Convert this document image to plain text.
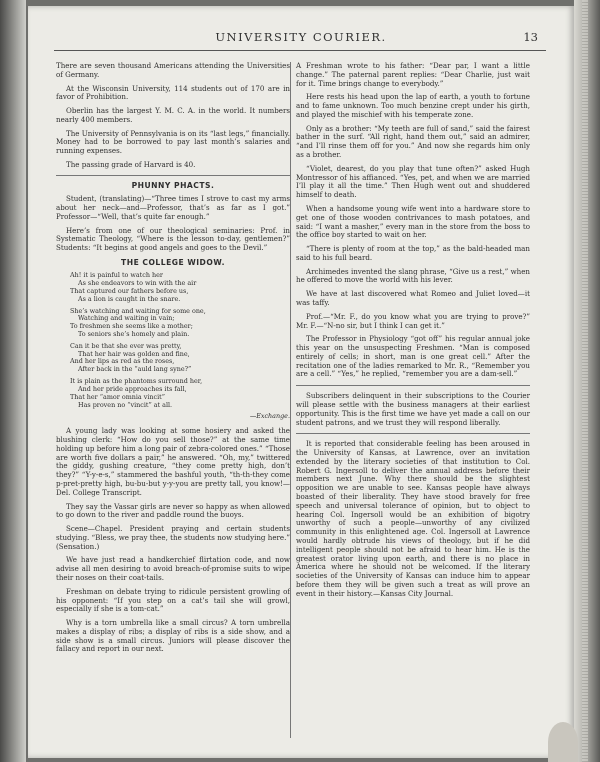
UNIVERSITY COURIER.	13

There are seven thousand Americans attending the Universities of Germany.

At the Wisconsin University, 114 students out of 170 are in favor of Prohibition.

Oberlin has the largest Y. M. C. A. in the world. It numbers nearly 400 members.

The University of Pennsylvania is on its “last legs,” financially. Money had to be borrowed to pay last month’s salaries and running expenses.

The passing grade of Harvard is 40.

PHUNNY PHACTS.

Student, (translating)—“Three times I strove to cast my arms about her neck—and—Professor, that’s as far as I got.” Professor—“Well, that’s quite far enough.”

Here’s from one of our theological seminaries: Prof. in Systematic Theology, “Where is the lesson to-day, gentlemen?” Students: “It begins at good angels and goes to the Devil.”

THE COLLEGE WIDOW.
Ah! it is painful to watch her
As she endeavors to win with the air
That captured our fathers before us,
As a lion is caught in the snare.
She’s watching and waiting for some one,
Watching and waiting in vain;
To freshmen she seems like a mother;
To seniors she’s homely and plain.
Can it be that she ever was pretty,
That her hair was golden and fine,
And her lips as red as the roses,
After back in the “auld lang syne?”
It is plain as the phantoms surround her,
And her pride approaches its fall,
That her “amor omnia vincit”
Has proven no “vincit” at all.
—Exchange.

A young lady was looking at some hosiery and asked the blushing clerk: “How do you sell those?” at the same time holding up before him a long pair of zebra-colored ones.” “Those are worth five dollars a pair,” he answered. “Oh, my,” twittered the giddy, gushing creature, “they come pretty high, don’t they?” “Y-y-e-s,” stammered the bashful youth, “th-th-they come p-pret-pretty high, bu-bu-but y-y-you are pretty tall, you know!—Del. College Transcript.

They say the Vassar girls are never so happy as when allowed to go down to the river and paddle round the buoys.

Scene—Chapel. President praying and certain students studying. “Bless, we pray thee, the students now studying here.” (Sensation.)

We have just read a handkerchief flirtation code, and now advise all men desiring to avoid breach-of-promise suits to wipe their noses on their coat-tails.

Freshman on debate trying to ridicule persistent growling of his opponent: “If you step on a cat’s tail she will growl, especially if she is a tom-cat.”

Why is a torn umbrella like a small circus? A torn umbrella makes a display of ribs; a display of ribs is a side show, and a side show is a small circus. Juniors will please discover the fallacy and report in our next.

A Freshman wrote to his father: “Dear par, I want a little change.” The paternal parent replies: “Dear Charlie, just wait for it. Time brings change to everybody.”

Here rests his head upon the lap of earth, a youth to fortune and to fame unknown. Too much benzine crept under his girth, and played the mischief with his temperate zone.

Only as a brother: “My teeth are full of sand,” said the fairest bather in the surf. “All right, hand them out,” said an admirer, “and I’ll rinse them off for you.” And now she regards him only as a brother.

“Violet, dearest, do you play that tune often?” asked Hugh Montressor of his affianced. “Yes, pet, and when we are married I’ll play it all the time.” Then Hugh went out and shuddered himself to death.

When a handsome young wife went into a hardware store to get one of those wooden contrivances to mash potatoes, and said: “I want a masher,” every man in the store from the boss to the office boy started to wait on her.

“There is plenty of room at the top,” as the bald-headed man said to his full beard.

Archimedes invented the slang phrase, “Give us a rest,” when he offered to move the world with his lever.

We have at last discovered what Romeo and Juliet loved—it was taffy.

Prof.—“Mr. F., do you know what you are trying to prove?” Mr. F.—“N-no sir, but I think I can get it.”

The Professor in Physiology “got off” his regular annual joke this year on the unsuspecting Freshmen. “Man is composed entirely of cells; in short, man is one great cell.” After the recitation one of the ladies remarked to Mr. R., “Remember you are a cell.” “Yes,” he replied, “remember you are a dam-sell.”

Subscribers delinquent in their subscriptions to the Courier will please settle with the business managers at their earliest opportunity. This is the first time we have yet made a call on our student patrons, and we trust they will respond liberally.

It is reported that considerable feeling has been aroused in the University of Kansas, at Lawrence, over an invitation extended by the literary societies of that institution to Col. Robert G. Ingersoll to deliver the annual address before their members next June. Why there should be the slightest opposition we are unable to see. Kansas people have always boasted of their liberality. They have stood bravely for free speech and universal tolerance of opinion, but to object to hearing Col. Ingersoll would be an exhibition of bigotry unworthy of such a people—unworthy of any civilized community in this enlightened age. Col. Ingersoll at Lawrence would hardly obtrude his views of theology, but if he did intelligent people should not be afraid to hear him. He is the greatest orator living upon earth, and there is no place in America where he should not be welcomed. If the literary societies of the University of Kansas can induce him to appear before them they will be given such a treat as will prove an event in their history.—Kansas City Journal.
